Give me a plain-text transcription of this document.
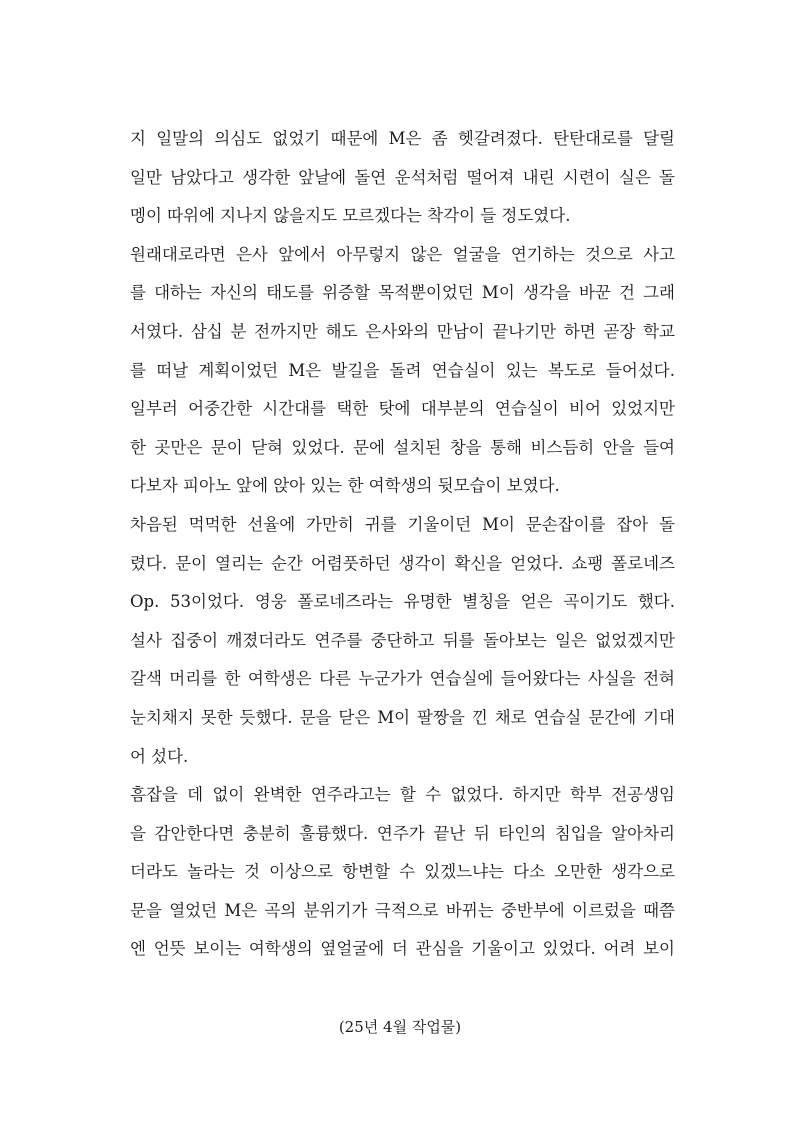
지 일말의 의심도 없었기 때문에 M은 좀 헷갈려졌다. 탄탄대로를 달릴
일만 남았다고 생각한 앞날에 돌연 운석처럼 떨어져 내린 시련이 실은 돌
멩이 따위에 지나지 않을지도 모르겠다는 착각이 들 정도였다.
원래대로라면 은사 앞에서 아무렇지 않은 얼굴을 연기하는 것으로 사고
를 대하는 자신의 태도를 위증할 목적뿐이었던 M이 생각을 바꾼 건 그래
서였다. 삼십 분 전까지만 해도 은사와의 만남이 끝나기만 하면 곧장 학교
를 떠날 계획이었던 M은 발길을 돌려 연습실이 있는 복도로 들어섰다.
일부러 어중간한 시간대를 택한 탓에 대부분의 연습실이 비어 있었지만
한 곳만은 문이 닫혀 있었다. 문에 설치된 창을 통해 비스듬히 안을 들여
다보자 피아노 앞에 앉아 있는 한 여학생의 뒷모습이 보였다.
차음된 먹먹한 선율에 가만히 귀를 기울이던 M이 문손잡이를 잡아 돌
렸다. 문이 열리는 순간 어렴풋하던 생각이 확신을 얻었다. 쇼팽 폴로네즈
Op. 53이었다. 영웅 폴로네즈라는 유명한 별칭을 얻은 곡이기도 했다.
설사 집중이 깨졌더라도 연주를 중단하고 뒤를 돌아보는 일은 없었겠지만
갈색 머리를 한 여학생은 다른 누군가가 연습실에 들어왔다는 사실을 전혀
눈치채지 못한 듯했다. 문을 닫은 M이 팔짱을 낀 채로 연습실 문간에 기대
어 섰다.
흠잡을 데 없이 완벽한 연주라고는 할 수 없었다. 하지만 학부 전공생임
을 감안한다면 충분히 훌륭했다. 연주가 끝난 뒤 타인의 침입을 알아차리
더라도 놀라는 것 이상으로 항변할 수 있겠느냐는 다소 오만한 생각으로
문을 열었던 M은 곡의 분위기가 극적으로 바뀌는 중반부에 이르렀을 때쯤
엔 언뜻 보이는 여학생의 옆얼굴에 더 관심을 기울이고 있었다. 어려 보이
(25년 4월 작업물)
